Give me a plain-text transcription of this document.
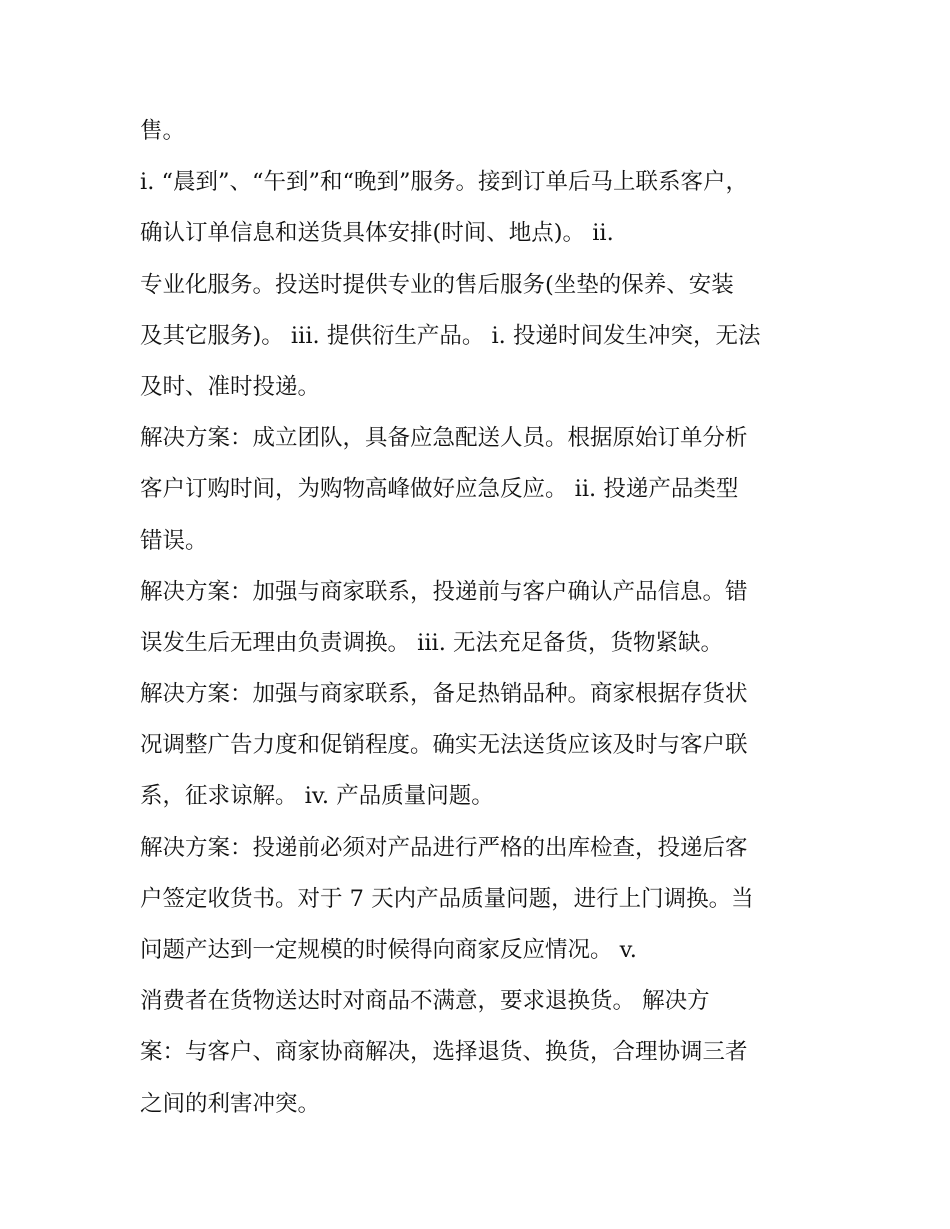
售。
i. “晨到”、“午到”和“晚到”服务。接到订单后马上联系客户，
确认订单信息和送货具体安排(时间、地点)。 ii.
专业化服务。投送时提供专业的售后服务(坐垫的保养、安装
及其它服务)。 iii. 提供衍生产品。 i. 投递时间发生冲突，无法
及时、准时投递。
解决方案：成立团队，具备应急配送人员。根据原始订单分析
客户订购时间，为购物高峰做好应急反应。 ii. 投递产品类型
错误。
解决方案：加强与商家联系，投递前与客户确认产品信息。错
误发生后无理由负责调换。 iii. 无法充足备货，货物紧缺。
解决方案：加强与商家联系，备足热销品种。商家根据存货状
况调整广告力度和促销程度。确实无法送货应该及时与客户联
系，征求谅解。 iv. 产品质量问题。
解决方案：投递前必须对产品进行严格的出库检查，投递后客
户签定收货书。对于 7 天内产品质量问题，进行上门调换。当
问题产达到一定规模的时候得向商家反应情况。 v.
消费者在货物送达时对商品不满意，要求退换货。 解决方
案：与客户、商家协商解决，选择退货、换货，合理协调三者
之间的利害冲突。
